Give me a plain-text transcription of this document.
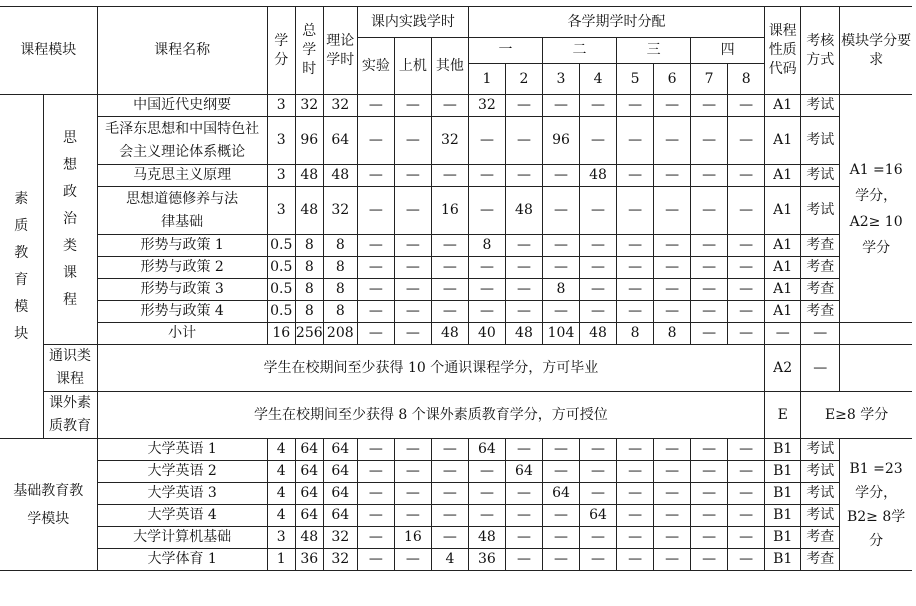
课程模块		课程名称	学分	总学时	理论学时	课内实践学时			各学期学时分配								课程性质代码	考核方式	模块学分要求
						实验	上机	其他	一		二		三		四				
									1	2	3	4	5	6	7	8			

素质教育模块	思想政治类课程	中国近代史纲要	3	32	32	—	—	—	32	—	—	—	—	—	—	—	A1	考试	A1 =16学分，A2≥ 10学分

		毛泽东思想和中国特色社会主义理论体系概论	3	96	64	—	—	32	—	—	96	—	—	—	—	—	A1	考试	
		马克思主义原理	3	48	48	—	—	—	—	—	—	48	—	—	—	—	A1	考试	

		思想道德修养与法律基础	3	48	32	—	—	16	—	48	—	—	—	—	—	—	A1	考试	
		形势与政策 1	0.5	8	8	—	—	—	8	—	—	—	—	—	—	—	A1	考查	
		形势与政策 2	0.5	8	8	—	—	—	—	—	—	—	—	—	—	—	A1	考查	
		形势与政策 3	0.5	8	8	—	—	—	—	—	8	—	—	—	—	—	A1	考查	
		形势与政策 4	0.5	8	8	—	—	—	—	—	—	—	—	—	—	—	A1	考查	
		小计	16	256	208	—	—	48	40	48	104	48	8	8	—	—	—	—	

	通识类课程	学生在校期间至少获得 10 个通识课程学分，方可毕业															A2	—	

	课外素质教育	学生在校期间至少获得 8 个课外素质教育学分，方可授位															E	E≥8 学分	

基础教育教学模块		大学英语 1	4	64	64	—	—	—	64	—	—	—	—	—	—	—	B1	考试	B1 =23学分，B2≥ 8学分

		大学英语 2	4	64	64	—	—	—	—	64	—	—	—	—	—	—	B1	考试	
		大学英语 3	4	64	64	—	—	—	—	—	64	—	—	—	—	—	B1	考试	
		大学英语 4	4	64	64	—	—	—	—	—	—	64	—	—	—	—	B1	考试	
		大学计算机基础	3	48	32	—	16	—	48	—	—	—	—	—	—	—	B1	考查	
		大学体育 1	1	36	32	—	—	4	36	—	—	—	—	—	—	—	B1	考查	
